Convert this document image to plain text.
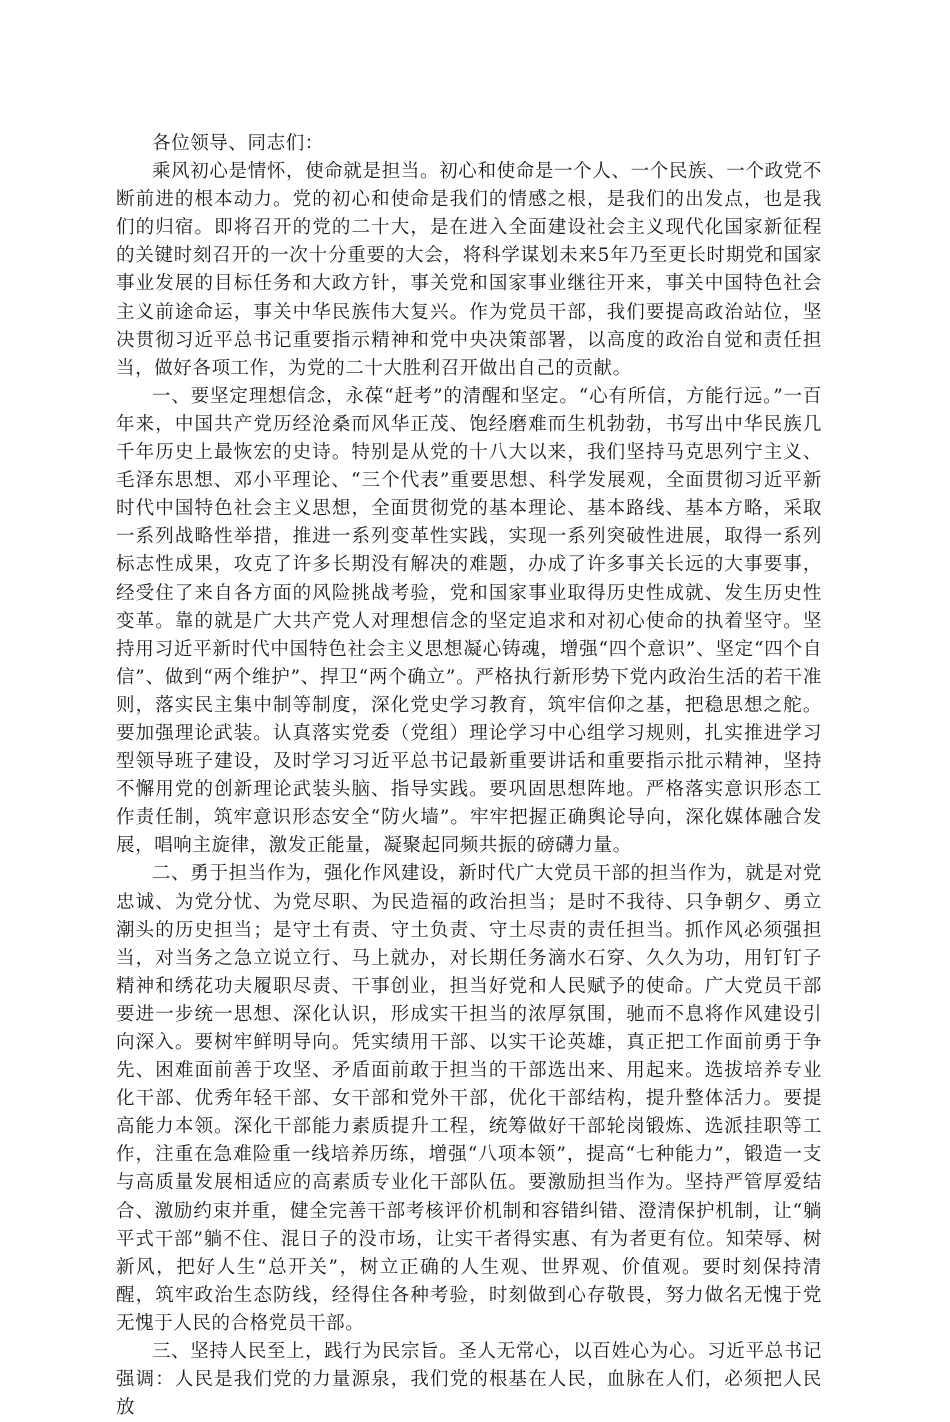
各位领导、同志们：

乘风初心是情怀，使命就是担当。初心和使命是一个人、一个民族、一个政党不断前进的根本动力。党的初心和使命是我们的情感之根，是我们的出发点，也是我们的归宿。即将召开的党的二十大，是在进入全面建设社会主义现代化国家新征程的关键时刻召开的一次十分重要的大会，将科学谋划未来5年乃至更长时期党和国家事业发展的目标任务和大政方针，事关党和国家事业继往开来，事关中国特色社会主义前途命运，事关中华民族伟大复兴。作为党员干部，我们要提高政治站位，坚决贯彻习近平总书记重要指示精神和党中央决策部署，以高度的政治自觉和责任担当，做好各项工作，为党的二十大胜利召开做出自己的贡献。

一、要坚定理想信念，永葆“赶考”的清醒和坚定。“心有所信，方能行远。”一百年来，中国共产党历经沧桑而风华正茂、饱经磨难而生机勃勃，书写出中华民族几千年历史上最恢宏的史诗。特别是从党的十八大以来，我们坚持马克思列宁主义、毛泽东思想、邓小平理论、“三个代表”重要思想、科学发展观，全面贯彻习近平新时代中国特色社会主义思想，全面贯彻党的基本理论、基本路线、基本方略，采取一系列战略性举措，推进一系列变革性实践，实现一系列突破性进展，取得一系列标志性成果，攻克了许多长期没有解决的难题，办成了许多事关长远的大事要事，经受住了来自各方面的风险挑战考验，党和国家事业取得历史性成就、发生历史性变革。靠的就是广大共产党人对理想信念的坚定追求和对初心使命的执着坚守。坚持用习近平新时代中国特色社会主义思想凝心铸魂，增强“四个意识”、坚定“四个自信”、做到“两个维护”、捍卫“两个确立”。严格执行新形势下党内政治生活的若干准则，落实民主集中制等制度，深化党史学习教育，筑牢信仰之基，把稳思想之舵。要加强理论武装。认真落实党委（党组）理论学习中心组学习规则，扎实推进学习型领导班子建设，及时学习习近平总书记最新重要讲话和重要指示批示精神，坚持不懈用党的创新理论武装头脑、指导实践。要巩固思想阵地。严格落实意识形态工作责任制，筑牢意识形态安全“防火墙”。牢牢把握正确舆论导向，深化媒体融合发展，唱响主旋律，激发正能量，凝聚起同频共振的磅礴力量。

二、勇于担当作为，强化作风建设，新时代广大党员干部的担当作为，就是对党忠诚、为党分忧、为党尽职、为民造福的政治担当；是时不我待、只争朝夕、勇立潮头的历史担当；是守土有责、守土负责、守土尽责的责任担当。抓作风必须强担当，对当务之急立说立行、马上就办，对长期任务滴水石穿、久久为功，用钉钉子精神和绣花功夫履职尽责、干事创业，担当好党和人民赋予的使命。广大党员干部要进一步统一思想、深化认识，形成实干担当的浓厚氛围，驰而不息将作风建设引向深入。要树牢鲜明导向。凭实绩用干部、以实干论英雄，真正把工作面前勇于争先、困难面前善于攻坚、矛盾面前敢于担当的干部选出来、用起来。选拔培养专业化干部、优秀年轻干部、女干部和党外干部，优化干部结构，提升整体活力。要提高能力本领。深化干部能力素质提升工程，统筹做好干部轮岗锻炼、选派挂职等工作，注重在急难险重一线培养历练，增强“八项本领”，提高“七种能力”，锻造一支与高质量发展相适应的高素质专业化干部队伍。要激励担当作为。坚持严管厚爱结合、激励约束并重，健全完善干部考核评价机制和容错纠错、澄清保护机制，让“躺平式干部”躺不住、混日子的没市场，让实干者得实惠、有为者更有位。知荣辱、树新风，把好人生“总开关”，树立正确的人生观、世界观、价值观。要时刻保持清醒，筑牢政治生态防线，经得住各种考验，时刻做到心存敬畏，努力做名无愧于党无愧于人民的合格党员干部。

三、坚持人民至上，践行为民宗旨。圣人无常心，以百姓心为心。习近平总书记强调：人民是我们党的力量源泉，我们党的根基在人民，血脉在人们，必须把人民放
